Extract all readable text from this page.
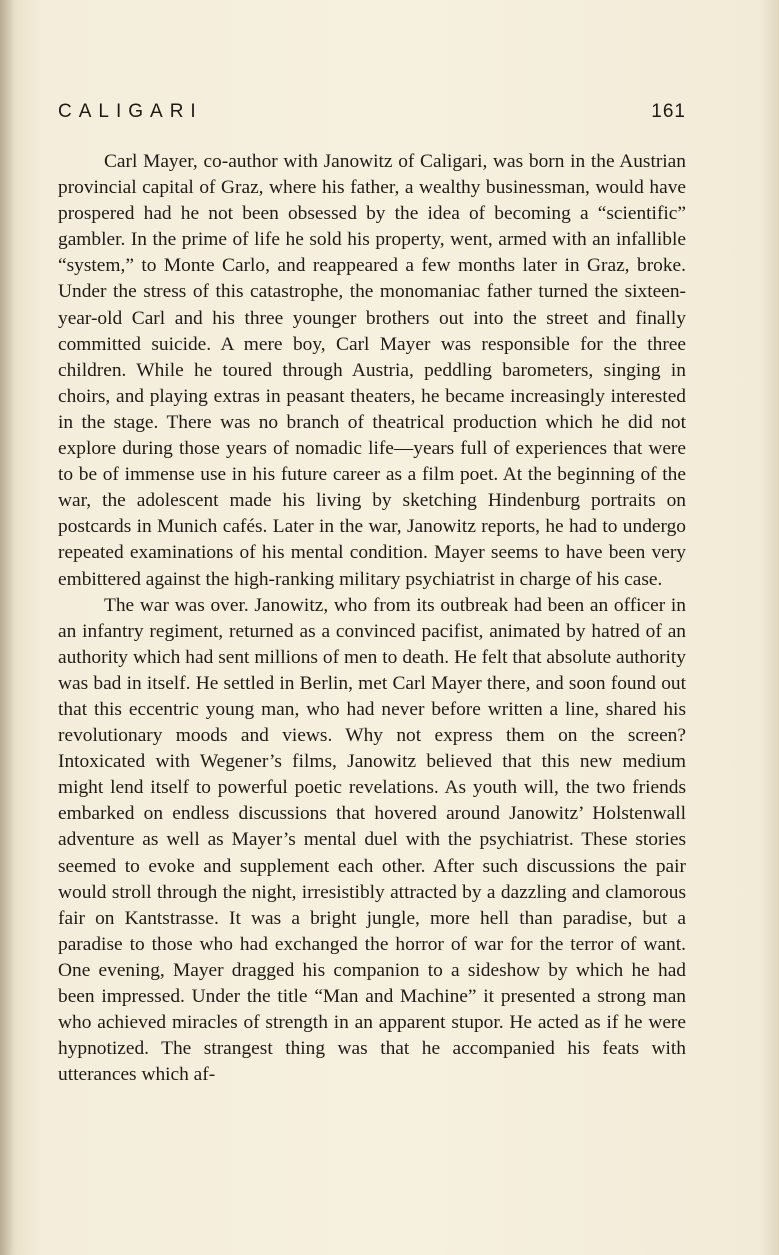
CALIGARI	161

Carl Mayer, co-author with Janowitz of Caligari, was born in the Austrian provincial capital of Graz, where his father, a wealthy businessman, would have prospered had he not been obsessed by the idea of becoming a “scientific” gambler. In the prime of life he sold his property, went, armed with an infallible “system,” to Monte Carlo, and reappeared a few months later in Graz, broke. Under the stress of this catastrophe, the monomaniac father turned the sixteen-year-old Carl and his three younger brothers out into the street and finally committed suicide. A mere boy, Carl Mayer was responsible for the three children. While he toured through Austria, peddling barometers, singing in choirs, and playing extras in peasant theaters, he became increasingly interested in the stage. There was no branch of theatrical production which he did not explore during those years of nomadic life—years full of experiences that were to be of immense use in his future career as a film poet. At the beginning of the war, the adolescent made his living by sketching Hindenburg portraits on postcards in Munich cafés. Later in the war, Janowitz reports, he had to undergo repeated examinations of his mental condition. Mayer seems to have been very embittered against the high-ranking military psychiatrist in charge of his case.

The war was over. Janowitz, who from its outbreak had been an officer in an infantry regiment, returned as a convinced pacifist, animated by hatred of an authority which had sent millions of men to death. He felt that absolute authority was bad in itself. He settled in Berlin, met Carl Mayer there, and soon found out that this eccentric young man, who had never before written a line, shared his revolutionary moods and views. Why not express them on the screen? Intoxicated with Wegener’s films, Janowitz believed that this new medium might lend itself to powerful poetic revelations. As youth will, the two friends embarked on endless discussions that hovered around Janowitz’ Holstenwall adventure as well as Mayer’s mental duel with the psychiatrist. These stories seemed to evoke and supplement each other. After such discussions the pair would stroll through the night, irresistibly attracted by a dazzling and clamorous fair on Kantstrasse. It was a bright jungle, more hell than paradise, but a paradise to those who had exchanged the horror of war for the terror of want. One evening, Mayer dragged his companion to a sideshow by which he had been impressed. Under the title “Man and Machine” it presented a strong man who achieved miracles of strength in an apparent stupor. He acted as if he were hypnotized. The strangest thing was that he accompanied his feats with utterances which af-
